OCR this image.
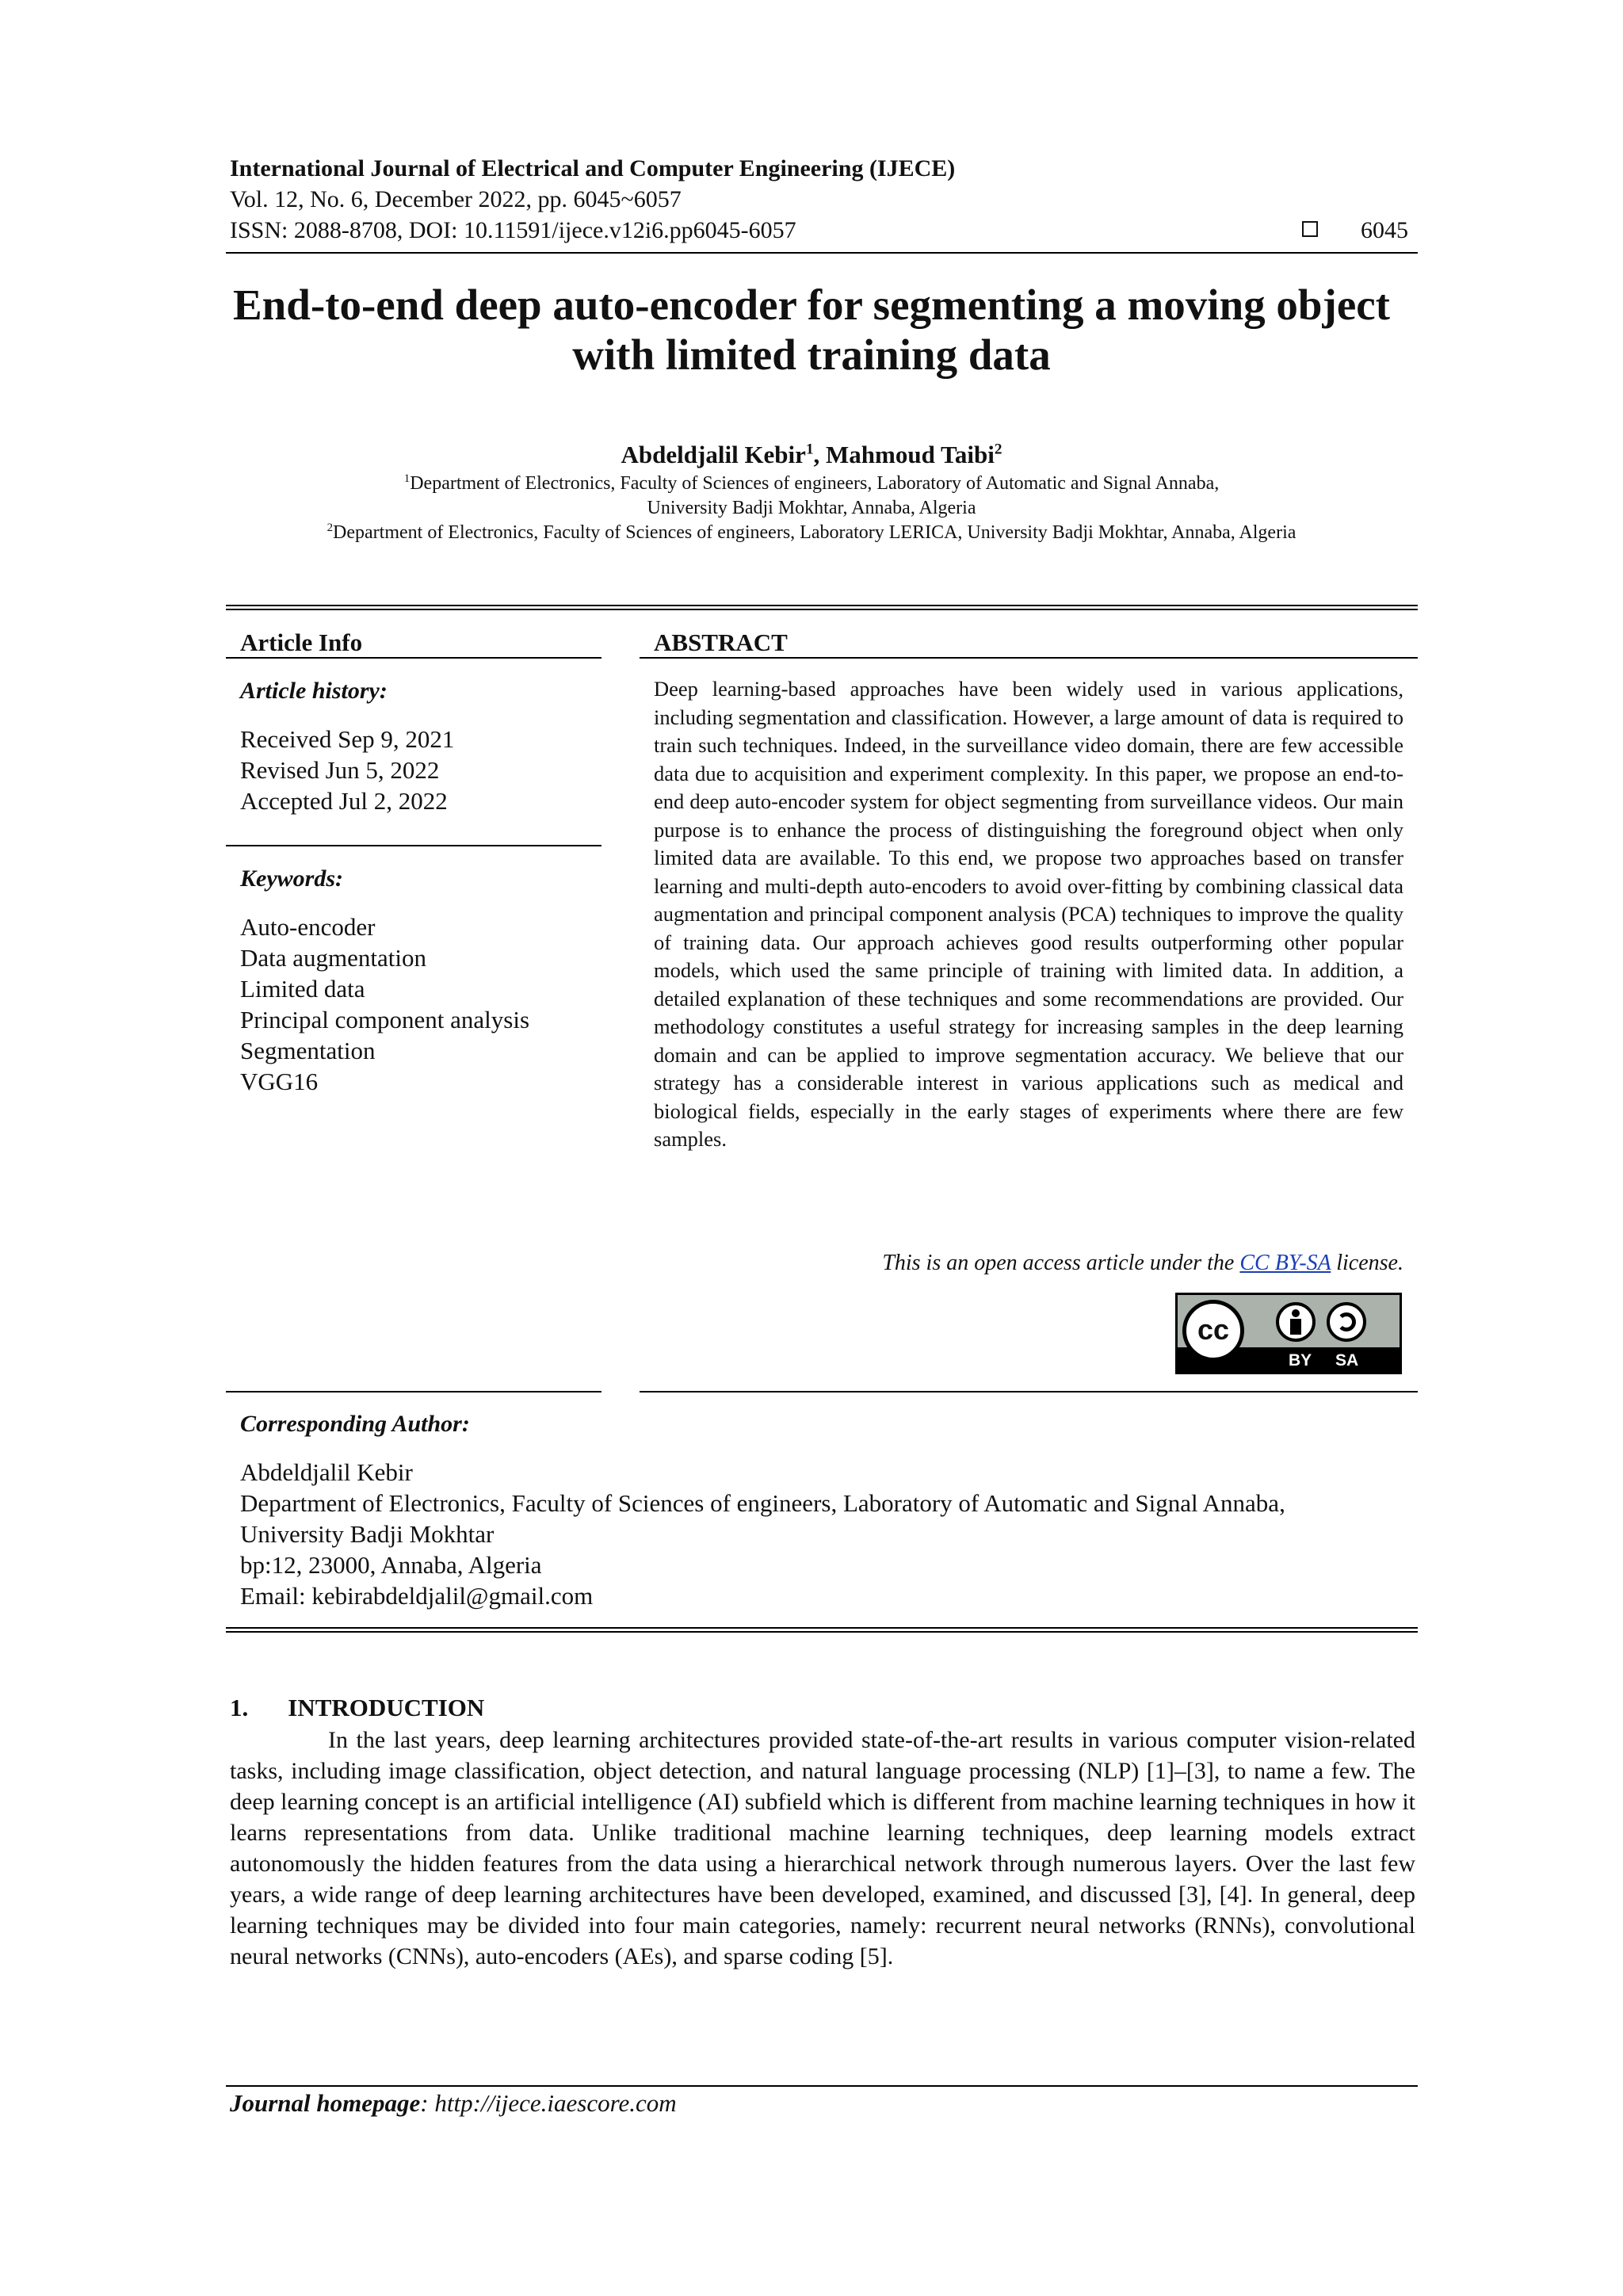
International Journal of Electrical and Computer Engineering (IJECE)
Vol. 12, No. 6, December 2022, pp. 6045~6057
ISSN: 2088-8708, DOI: 10.11591/ijece.v12i6.pp6045-6057	6045
End-to-end deep auto-encoder for segmenting a moving object
with limited training data
Abdeldjalil Kebir$^1$, Mahmoud Taibi$^2$
$^1$Department of Electronics, Faculty of Sciences of engineers, Laboratory of Automatic and Signal Annaba,
University Badji Mokhtar, Annaba, Algeria
$^2$Department of Electronics, Faculty of Sciences of engineers, Laboratory LERICA, University Badji Mokhtar, Annaba, Algeria
Article Info
Article history:
Received Sep 9, 2021
Revised Jun 5, 2022
Accepted Jul 2, 2022
Keywords:
Auto-encoder
Data augmentation
Limited data
Principal component analysis
Segmentation
VGG16
ABSTRACT
Deep learning-based approaches have been widely used in various applications, including segmentation and classification. However, a large amount of data is required to train such techniques. Indeed, in the surveillance video domain, there are few accessible data due to acquisition and experiment complexity. In this paper, we propose an end-to-end deep auto-encoder system for object segmenting from surveillance videos. Our main purpose is to enhance the process of distinguishing the foreground object when only limited data are available. To this end, we propose two approaches based on transfer learning and multi-depth auto-encoders to avoid over-fitting by combining classical data augmentation and principal component analysis (PCA) techniques to improve the quality of training data. Our approach achieves good results outperforming other popular models, which used the same principle of training with limited data. In addition, a detailed explanation of these techniques and some recommendations are provided. Our methodology constitutes a useful strategy for increasing samples in the deep learning domain and can be applied to improve segmentation accuracy. We believe that our strategy has a considerable interest in various applications such as medical and biological fields, especially in the early stages of experiments where there are few samples.
This is an open access article under the CC BY-SA license.
cc
BY SA
Corresponding Author:
Abdeldjalil Kebir
Department of Electronics, Faculty of Sciences of engineers, Laboratory of Automatic and Signal Annaba,
University Badji Mokhtar
bp:12, 23000, Annaba, Algeria
Email: kebirabdeldjalil@gmail.com
1. INTRODUCTION
In the last years, deep learning architectures provided state-of-the-art results in various computer vision-related tasks, including image classification, object detection, and natural language processing (NLP) [1]–[3], to name a few. The deep learning concept is an artificial intelligence (AI) subfield which is different from machine learning techniques in how it learns representations from data. Unlike traditional machine learning techniques, deep learning models extract autonomously the hidden features from the data using a hierarchical network through numerous layers. Over the last few years, a wide range of deep learning architectures have been developed, examined, and discussed [3], [4]. In general, deep learning techniques may be divided into four main categories, namely: recurrent neural networks (RNNs), convolutional neural networks (CNNs), auto-encoders (AEs), and sparse coding [5].
Journal homepage: http://ijece.iaescore.com
